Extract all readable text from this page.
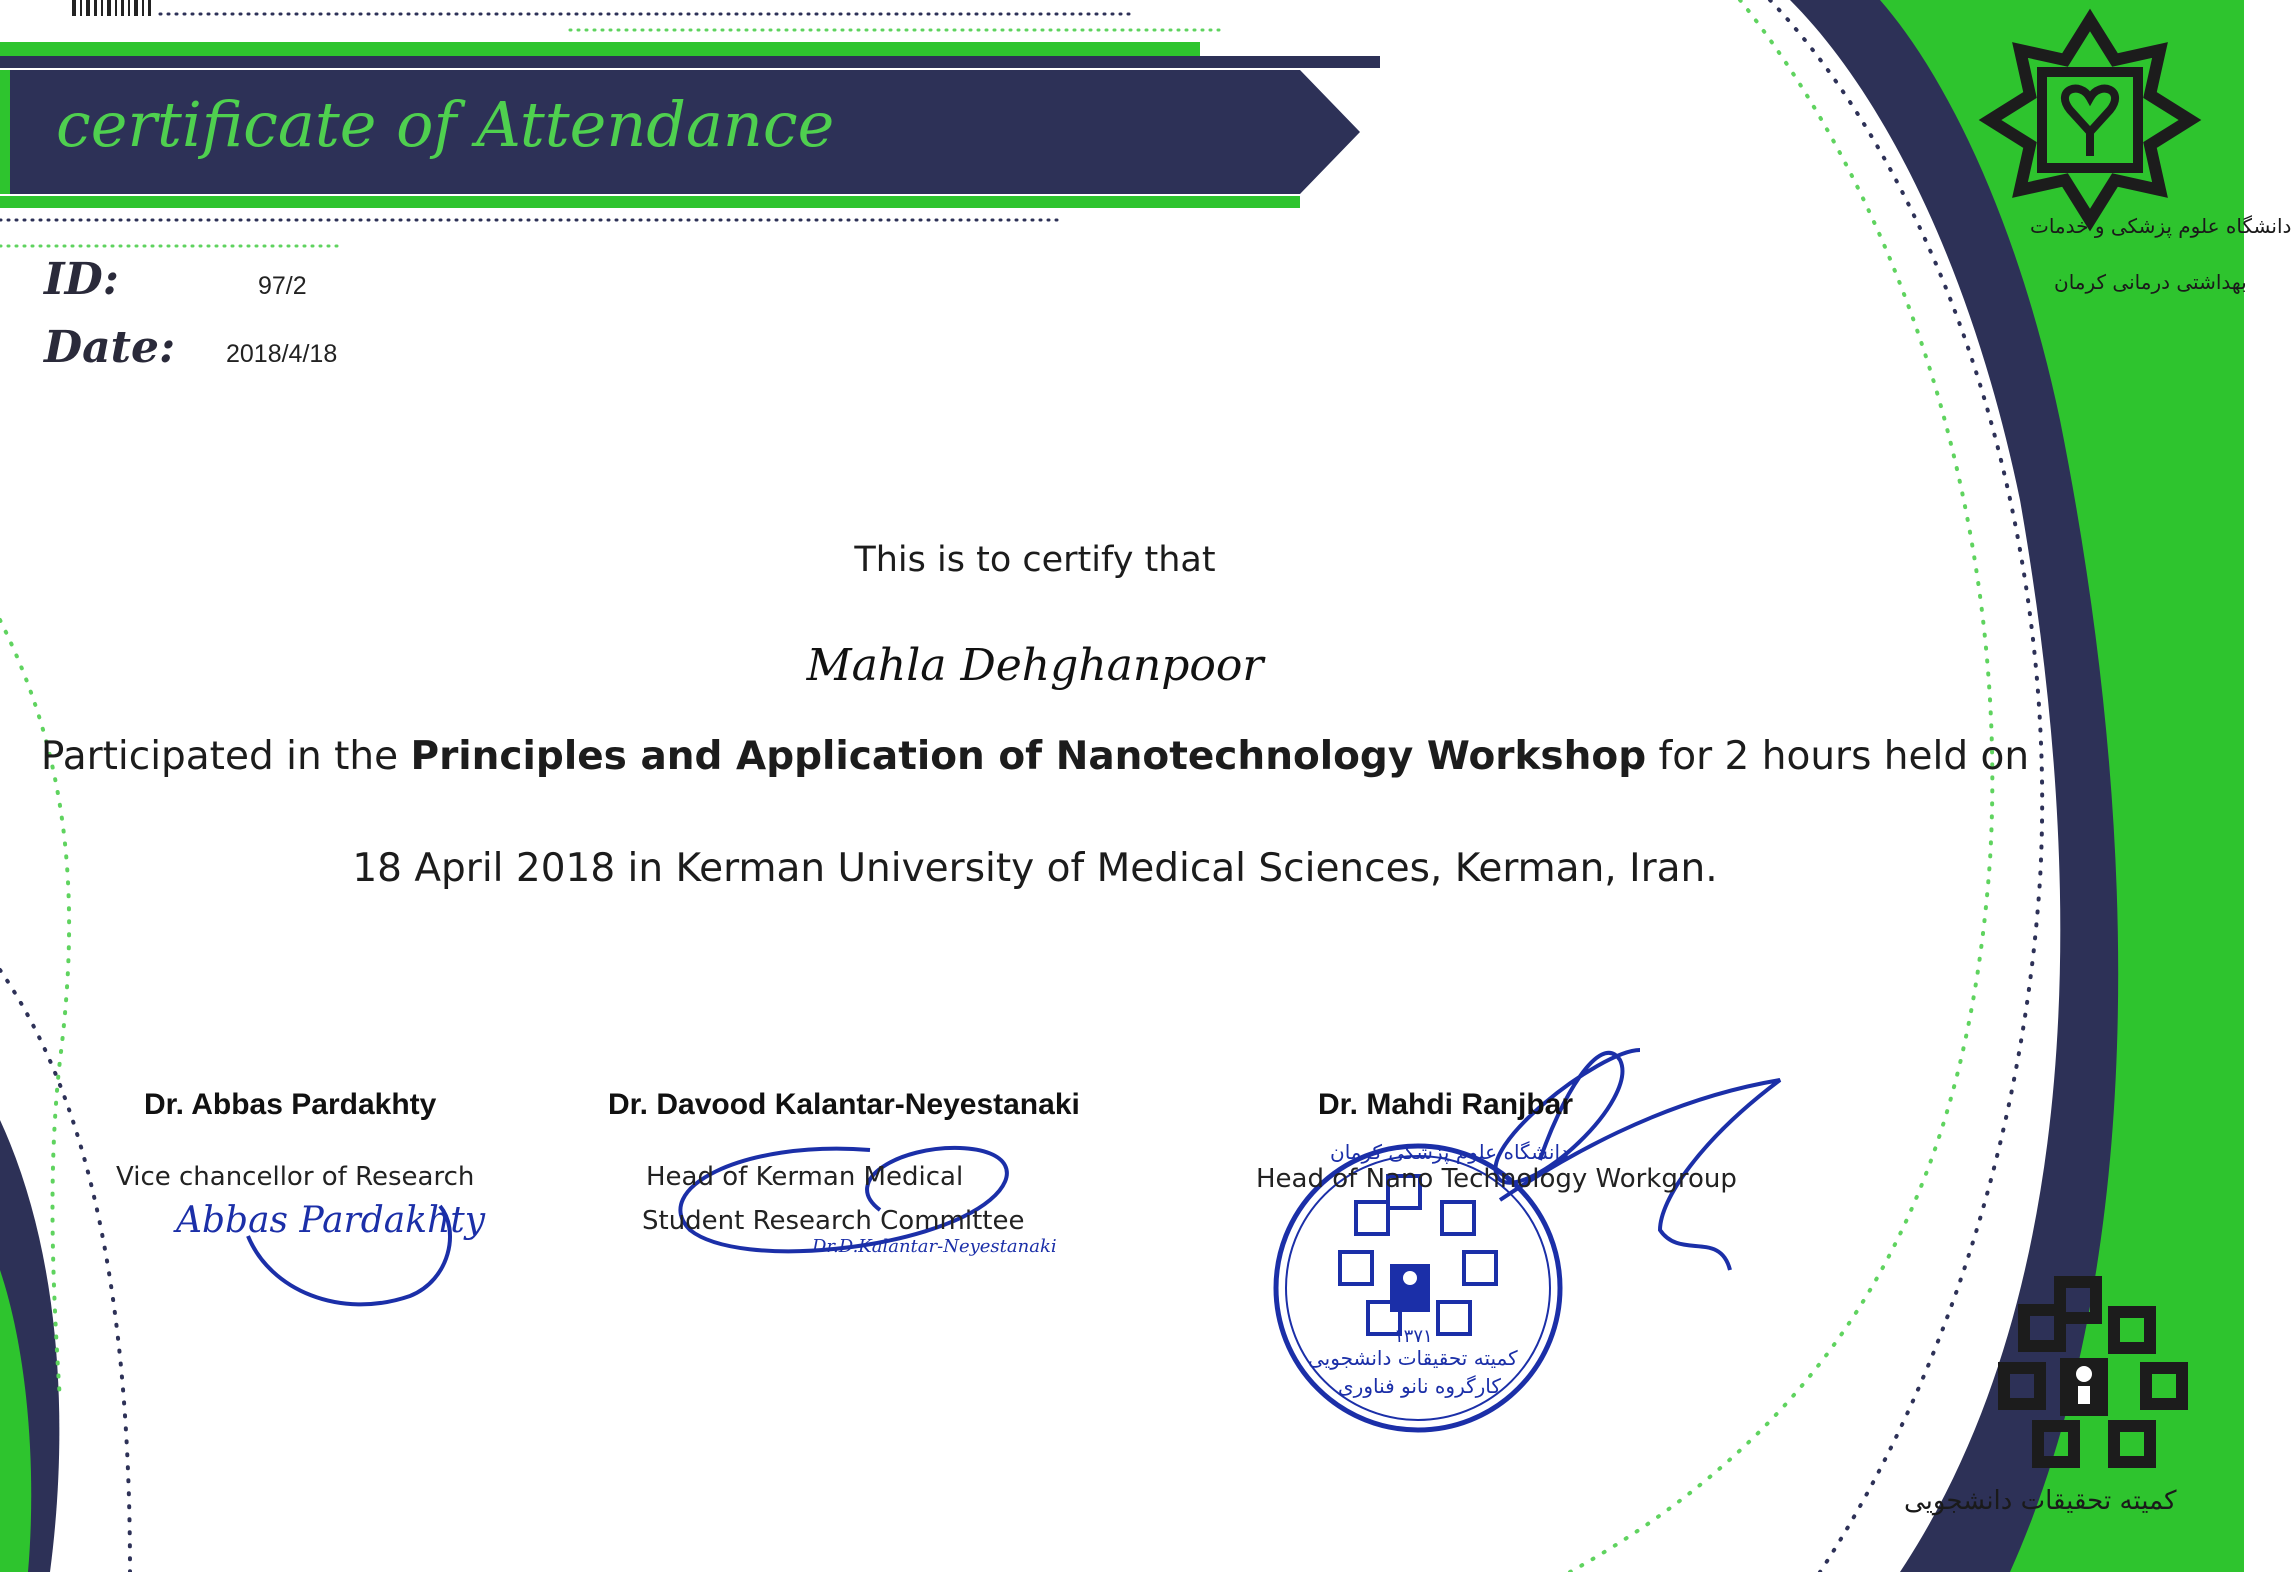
certificate of Attendance
ID:	97/2
Date: 2018/4/18
This is to certify that
Mahla Dehghanpoor
Participated in the Principles and Application of Nanotechnology Workshop for 2 hours held on
18 April 2018 in Kerman University of Medical Sciences, Kerman, Iran.
Dr. Abbas Pardakhty
Vice chancellor of Research
Dr. Davood Kalantar-Neyestanaki
Head of Kerman Medical
Student Research Committee
Dr. Mahdi Ranjbar
Head of Nano Technology Workgroup
Abbas Pardakhty
Dr.D.Kalantar-Neyestanaki
دانشگاه علوم پزشکی و خدمات
بهداشتی درمانی کرمان
کمیته تحقیقات دانشجویی
دانشگاه علوم پزشکی کرمان
کمیته تحقیقات دانشجویی
کارگروه نانو فناوری
۱۳۷۱
